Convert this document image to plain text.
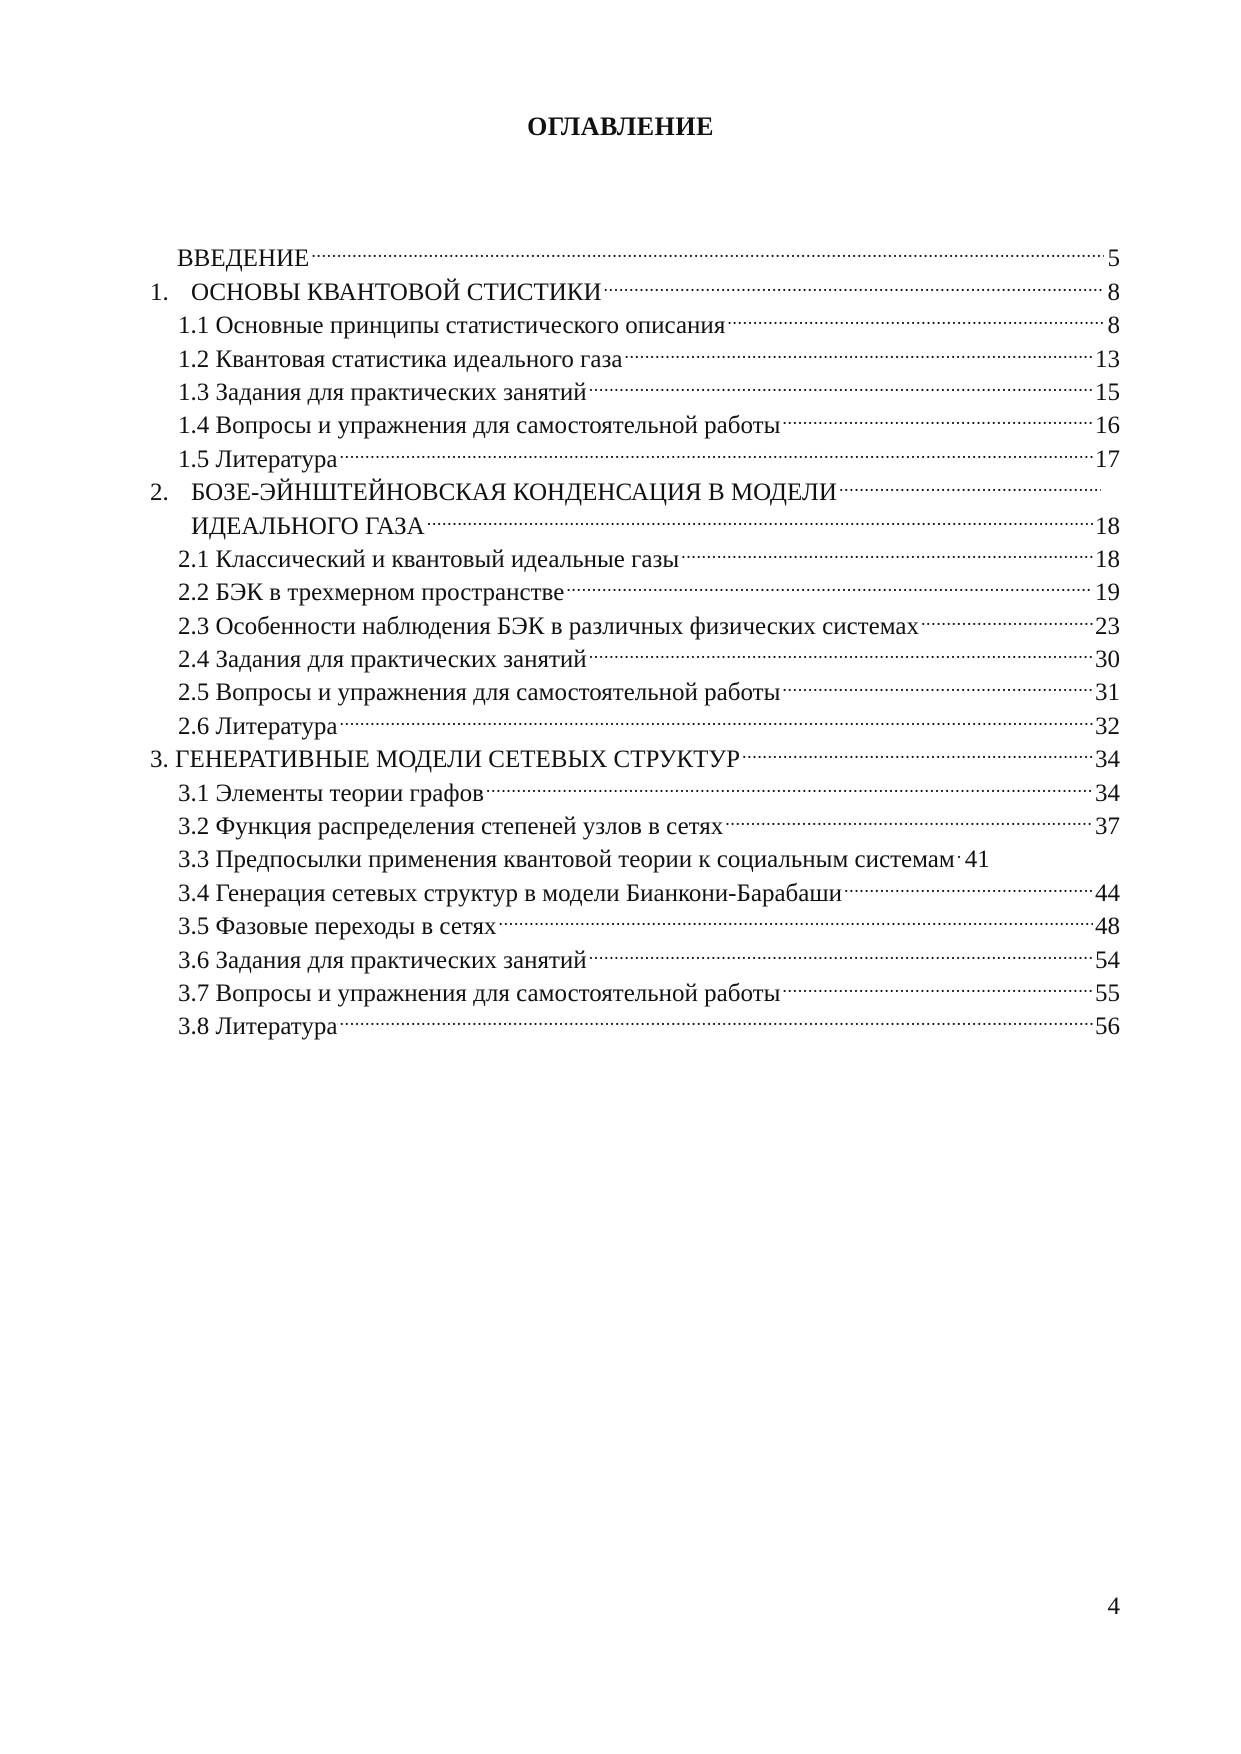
ОГЛАВЛЕНИЕ
ВВЕДЕНИЕ .....	5
1. ОСНОВЫ КВАНТОВОЙ СТИСТИКИ .....	8
1.1 Основные принципы статистического описания .....	8
1.2 Квантовая статистика идеального газа .....	13
1.3 Задания для практических занятий .....	15
1.4 Вопросы и упражнения для самостоятельной работы .....	16
1.5 Литература .....	17
2. БОЗЕ-ЭЙНШТЕЙНОВСКАЯ КОНДЕНСАЦИЯ В МОДЕЛИ
.....
ИДЕАЛЬНОГО ГАЗА .....	18
2.1 Классический и квантовый идеальные газы .....	18
2.2 БЭК в трехмерном пространстве .....	19
2.3 Особенности наблюдения БЭК в различных физических системах .....	23
2.4 Задания для практических занятий .....	30
2.5 Вопросы и упражнения для самостоятельной работы .....	31
2.6 Литература .....	32
3. ГЕНЕРАТИВНЫЕ МОДЕЛИ СЕТЕВЫХ СТРУКТУР .....	34
3.1 Элементы теории графов .....	34
3.2 Функция распределения степеней узлов в сетях .....	37
3.3 Предпосылки применения квантовой теории к социальным системам ..... 41
3.4 Генерация сетевых структур в модели Бианкони-Барабаши .....	44
3.5 Фазовые переходы в сетях .....	48
3.6 Задания для практических занятий .....	54
3.7 Вопросы и упражнения для самостоятельной работы .....	55
3.8 Литература .....	56
4
